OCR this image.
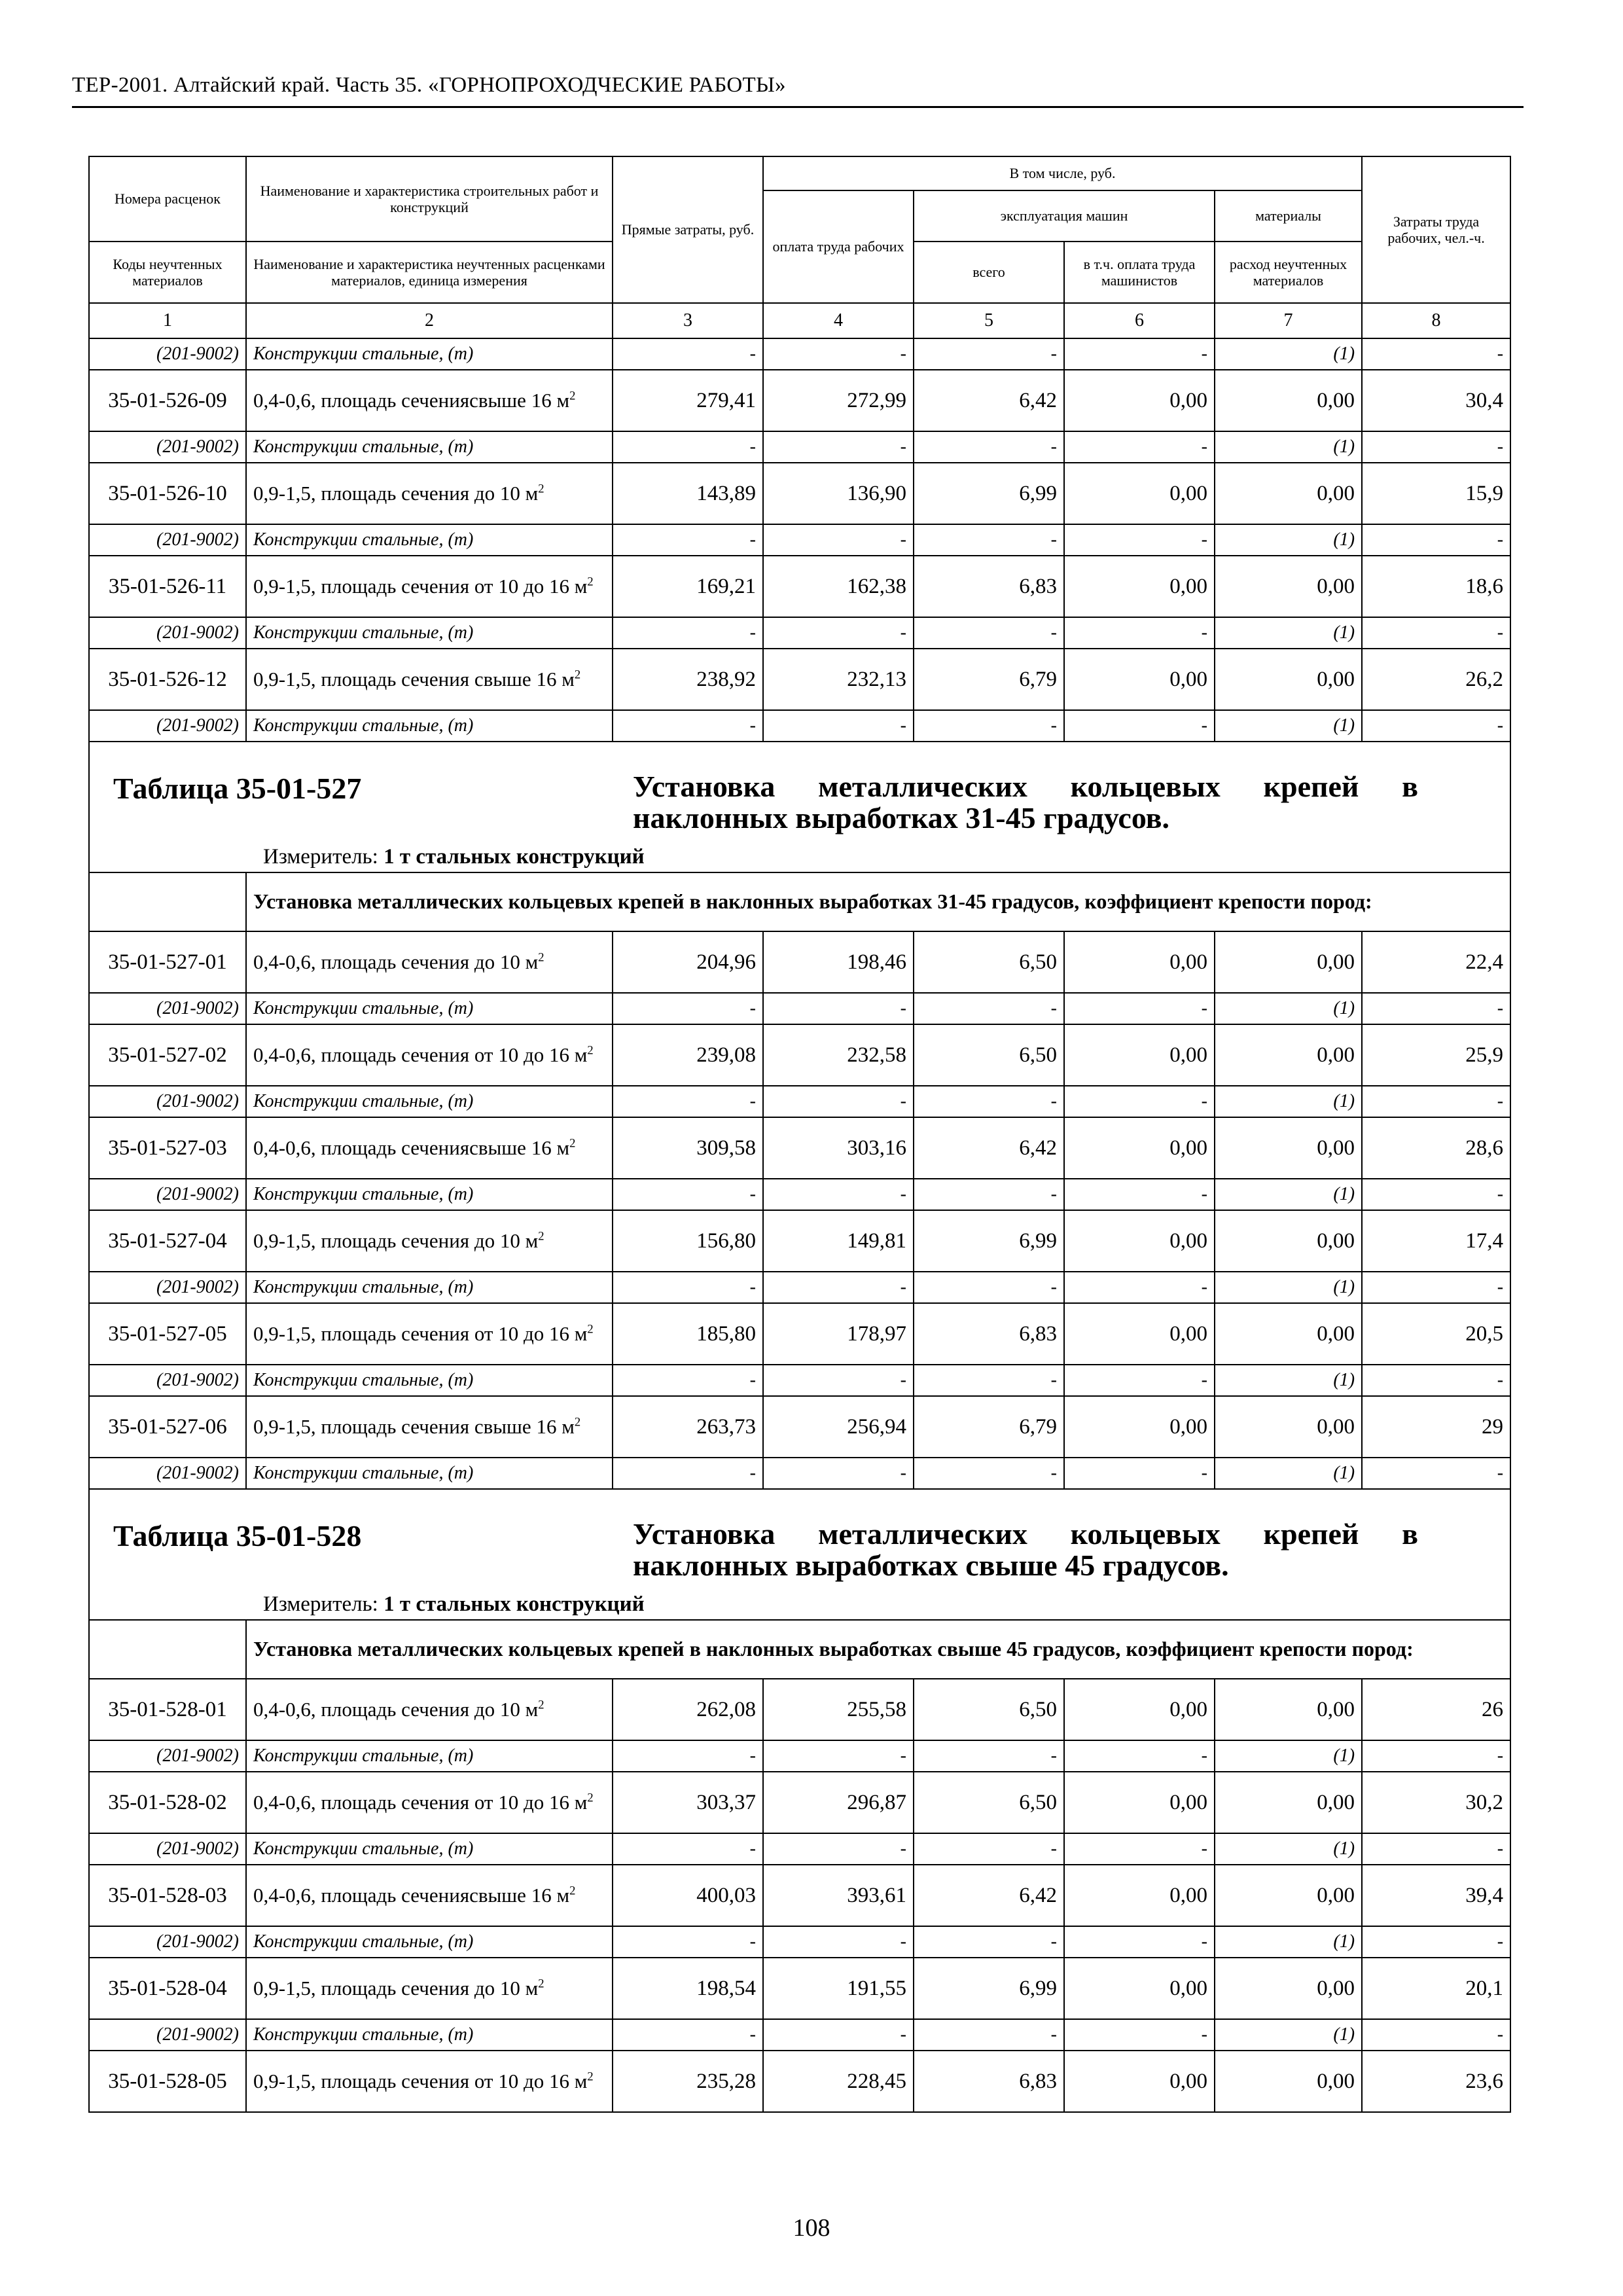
ТЕР-2001. Алтайский край. Часть 35. «ГОРНОПРОХОДЧЕСКИЕ РАБОТЫ»
Номера расценок	Наименование и характеристика строительных работ и конструкций	Прямые затраты, руб.	В том числе, руб.				Затраты труда рабочих, чел.-ч.
			оплата труда рабочих	эксплуатация машин		материалы	
Коды неучтенных материалов	Наименование и характеристика неучтенных расценками материалов, единица измерения			всего	в т.ч. оплата труда машинистов	расход неучтенных материалов	
1	2	3	4	5	6	7	8
(201-9002)	Конструкции стальные, (т)	-	-	-	-	(1)	-
35-01-526-09	0,4-0,6, площадь сечениясвыше 16 $м^2$	279,41	272,99	6,42	0,00	0,00	30,4
(201-9002)	Конструкции стальные, (т)	-	-	-	-	(1)	-
35-01-526-10	0,9-1,5, площадь сечения до 10 $м^2$	143,89	136,90	6,99	0,00	0,00	15,9
(201-9002)	Конструкции стальные, (т)	-	-	-	-	(1)	-
35-01-526-11	0,9-1,5, площадь сечения от 10 до 16 $м^2$	169,21	162,38	6,83	0,00	0,00	18,6
(201-9002)	Конструкции стальные, (т)	-	-	-	-	(1)	-
35-01-526-12	0,9-1,5, площадь сечения свыше 16 $м^2$	238,92	232,13	6,79	0,00	0,00	26,2
(201-9002)	Конструкции стальные, (т)	-	-	-	-	(1)	-

Таблица 35-01-527 Установка металлических кольцевых крепей в наклонных выработках 31-45 градусов.
Измеритель: 1 т стальных конструкций							

	Установка металлических кольцевых крепей в наклонных выработках 31-45 градусов, коэффициент крепости пород:						
35-01-527-01	0,4-0,6, площадь сечения до 10 $м^2$	204,96	198,46	6,50	0,00	0,00	22,4
(201-9002)	Конструкции стальные, (т)	-	-	-	-	(1)	-
35-01-527-02	0,4-0,6, площадь сечения от 10 до 16 $м^2$	239,08	232,58	6,50	0,00	0,00	25,9
(201-9002)	Конструкции стальные, (т)	-	-	-	-	(1)	-
35-01-527-03	0,4-0,6, площадь сечениясвыше 16 $м^2$	309,58	303,16	6,42	0,00	0,00	28,6
(201-9002)	Конструкции стальные, (т)	-	-	-	-	(1)	-
35-01-527-04	0,9-1,5, площадь сечения до 10 $м^2$	156,80	149,81	6,99	0,00	0,00	17,4
(201-9002)	Конструкции стальные, (т)	-	-	-	-	(1)	-
35-01-527-05	0,9-1,5, площадь сечения от 10 до 16 $м^2$	185,80	178,97	6,83	0,00	0,00	20,5
(201-9002)	Конструкции стальные, (т)	-	-	-	-	(1)	-
35-01-527-06	0,9-1,5, площадь сечения свыше 16 $м^2$	263,73	256,94	6,79	0,00	0,00	29
(201-9002)	Конструкции стальные, (т)	-	-	-	-	(1)	-

Таблица 35-01-528 Установка металлических кольцевых крепей в наклонных выработках свыше 45 градусов.
Измеритель: 1 т стальных конструкций							

	Установка металлических кольцевых крепей в наклонных выработках свыше 45 градусов, коэффициент крепости пород:						
35-01-528-01	0,4-0,6, площадь сечения до 10 $м^2$	262,08	255,58	6,50	0,00	0,00	26
(201-9002)	Конструкции стальные, (т)	-	-	-	-	(1)	-
35-01-528-02	0,4-0,6, площадь сечения от 10 до 16 $м^2$	303,37	296,87	6,50	0,00	0,00	30,2
(201-9002)	Конструкции стальные, (т)	-	-	-	-	(1)	-
35-01-528-03	0,4-0,6, площадь сечениясвыше 16 $м^2$	400,03	393,61	6,42	0,00	0,00	39,4
(201-9002)	Конструкции стальные, (т)	-	-	-	-	(1)	-
35-01-528-04	0,9-1,5, площадь сечения до 10 $м^2$	198,54	191,55	6,99	0,00	0,00	20,1
(201-9002)	Конструкции стальные, (т)	-	-	-	-	(1)	-
35-01-528-05	0,9-1,5, площадь сечения от 10 до 16 $м^2$	235,28	228,45	6,83	0,00	0,00	23,6
108
